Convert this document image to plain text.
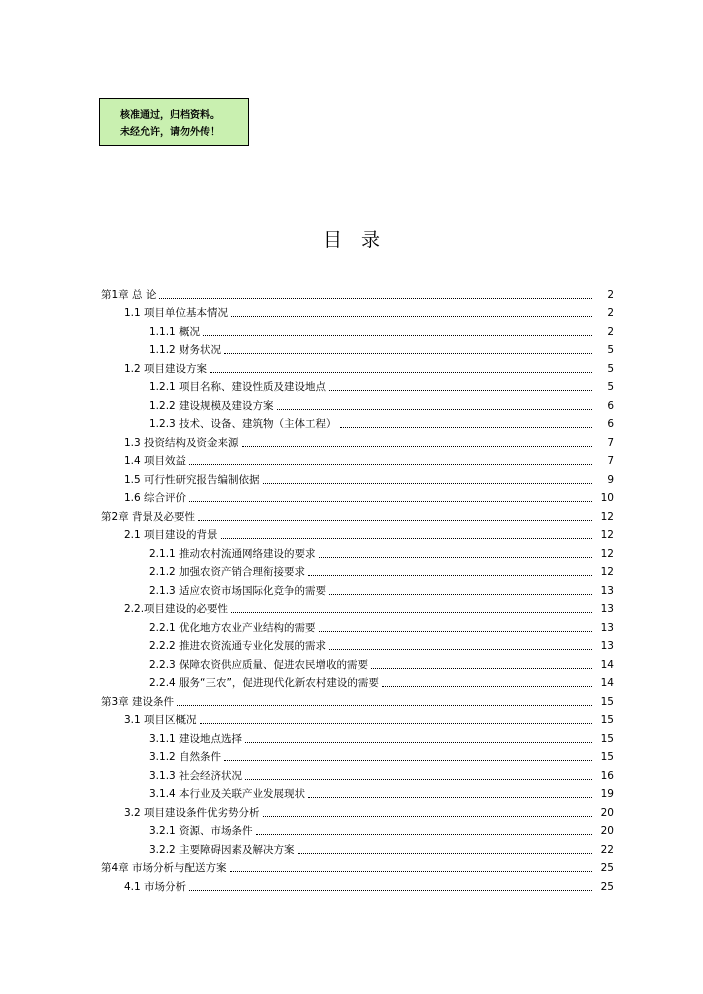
核准通过，归档资料。
未经允许，请勿外传！
目录
第1章 总 论	2
1.1 项目单位基本情况	2
1.1.1 概况	2
1.1.2 财务状况	5
1.2 项目建设方案	5
1.2.1 项目名称、建设性质及建设地点	5
1.2.2 建设规模及建设方案	6
1.2.3 技术、设备、建筑物（主体工程）	6
1.3 投资结构及资金来源	7
1.4 项目效益	7
1.5 可行性研究报告编制依据	9
1.6 综合评价	10
第2章 背景及必要性	12
2.1 项目建设的背景	12
2.1.1 推动农村流通网络建设的要求	12
2.1.2 加强农资产销合理衔接要求	12
2.1.3 适应农资市场国际化竞争的需要	13
2.2.项目建设的必要性	13
2.2.1 优化地方农业产业结构的需要	13
2.2.2 推进农资流通专业化发展的需求	13
2.2.3 保障农资供应质量、促进农民增收的需要	14
2.2.4 服务“三农”，促进现代化新农村建设的需要	14
第3章 建设条件	15
3.1 项目区概况	15
3.1.1 建设地点选择	15
3.1.2 自然条件	15
3.1.3 社会经济状况	16
3.1.4 本行业及关联产业发展现状	19
3.2 项目建设条件优劣势分析	20
3.2.1 资源、市场条件	20
3.2.2 主要障碍因素及解决方案	22
第4章 市场分析与配送方案	25
4.1 市场分析	25
